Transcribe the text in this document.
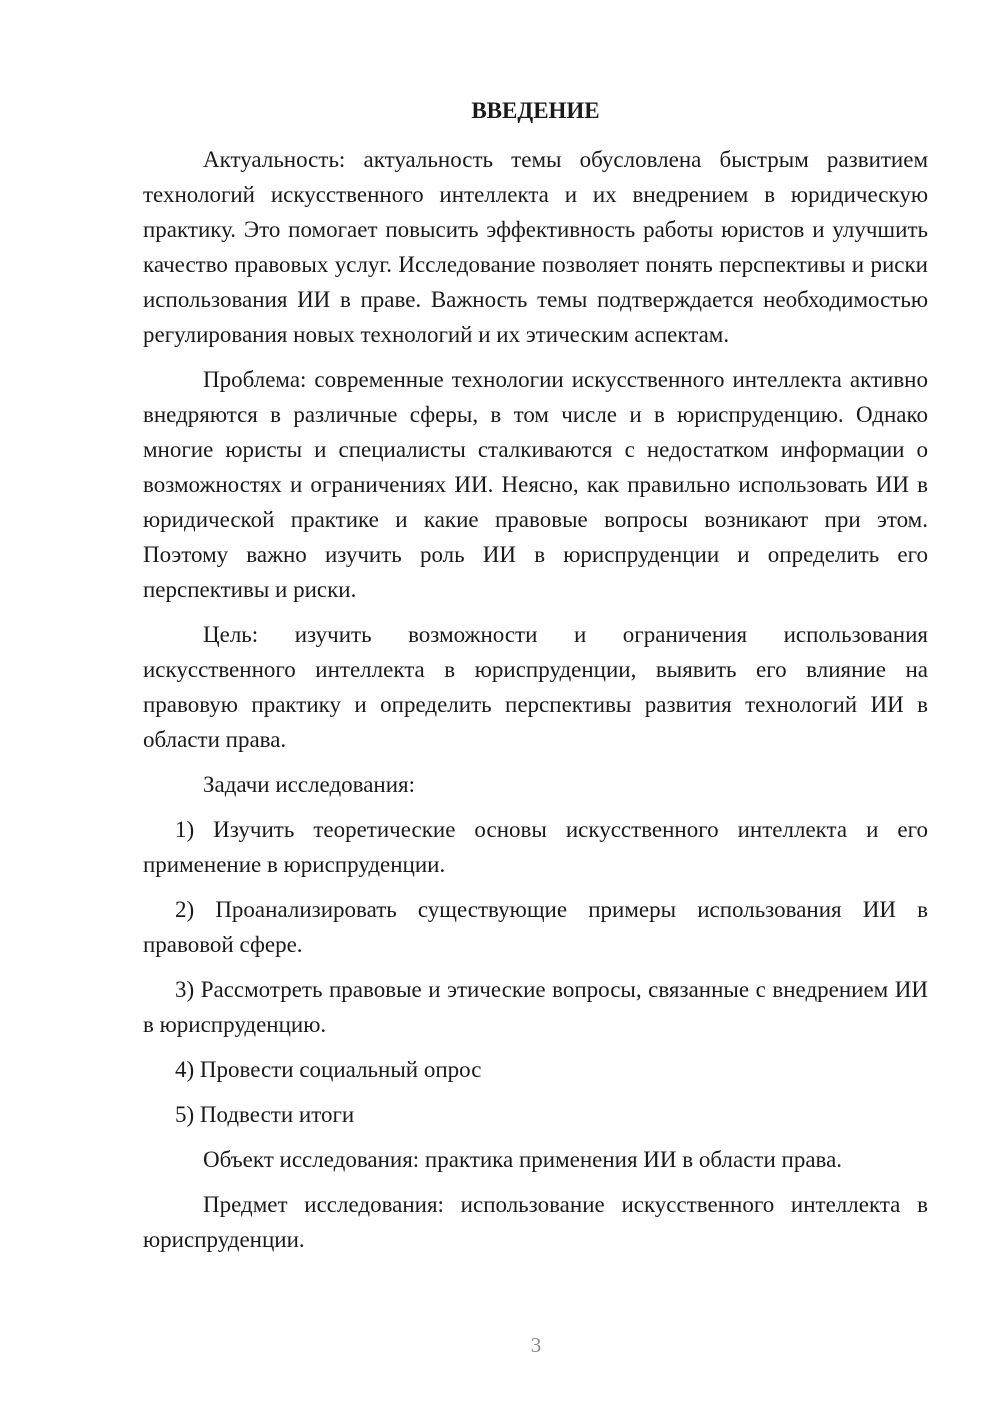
ВВЕДЕНИЕ
Актуальность: актуальность темы обусловлена быстрым развитием технологий искусственного интеллекта и их внедрением в юридическую практику. Это помогает повысить эффективность работы юристов и улучшить качество правовых услуг. Исследование позволяет понять перспективы и риски использования ИИ в праве. Важность темы подтверждается необходимостью регулирования новых технологий и их этическим аспектам.
Проблема: современные технологии искусственного интеллекта активно внедряются в различные сферы, в том числе и в юриспруденцию. Однако многие юристы и специалисты сталкиваются с недостатком информации о возможностях и ограничениях ИИ. Неясно, как правильно использовать ИИ в юридической практике и какие правовые вопросы возникают при этом. Поэтому важно изучить роль ИИ в юриспруденции и определить его перспективы и риски.
Цель: изучить возможности и ограничения использования искусственного интеллекта в юриспруденции, выявить его влияние на правовую практику и определить перспективы развития технологий ИИ в области права.
Задачи исследования:
1) Изучить теоретические основы искусственного интеллекта и его применение в юриспруденции.
2) Проанализировать существующие примеры использования ИИ в правовой сфере.
3) Рассмотреть правовые и этические вопросы, связанные с внедрением ИИ в юриспруденцию.
4) Провести социальный опрос
5) Подвести итоги
Объект исследования: практика применения ИИ в области права.
Предмет исследования: использование искусственного интеллекта в юриспруденции.
3
